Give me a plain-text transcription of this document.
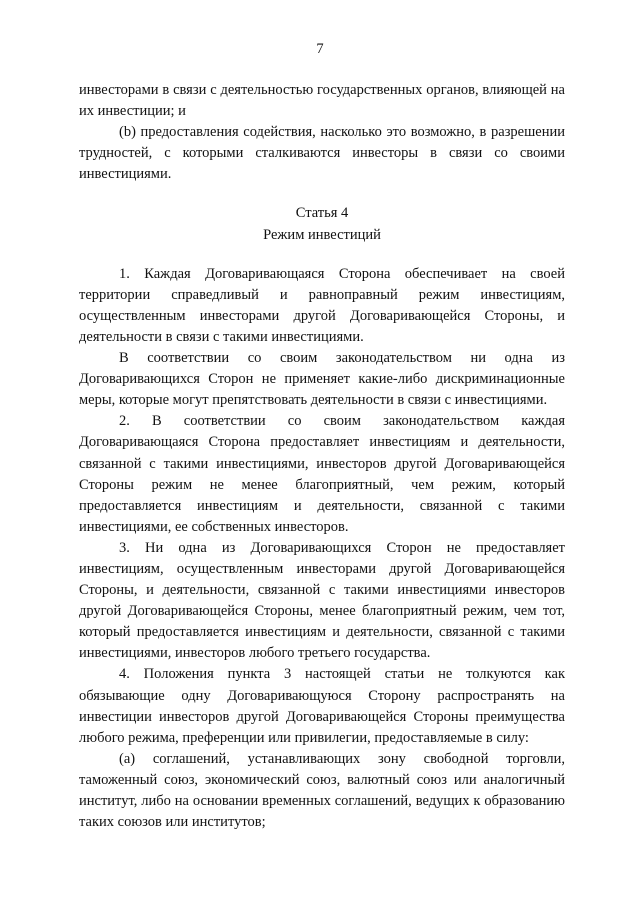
7

инвесторами в связи с деятельностью государственных органов, влияющей на их инвестиции; и

(b) предоставления содействия, насколько это возможно, в разрешении трудностей, с которыми сталкиваются инвесторы в связи со своими инвестициями.

Статья 4

Режим инвестиций

1. Каждая Договаривающаяся Сторона обеспечивает на своей территории справедливый и равноправный режим инвестициям, осуществленным инвесторами другой Договаривающейся Стороны, и деятельности в связи с такими инвестициями.

В соответствии со своим законодательством ни одна из Договаривающихся Сторон не применяет какие-либо дискриминационные меры, которые могут препятствовать деятельности в связи с инвестициями.

2. В соответствии со своим законодательством каждая Договаривающаяся Сторона предоставляет инвестициям и деятельности, связанной с такими инвестициями, инвесторов другой Договаривающейся Стороны режим не менее благоприятный, чем режим, который предоставляется инвестициям и деятельности, связанной с такими инвестициями, ее собственных инвесторов.

3. Ни одна из Договаривающихся Сторон не предоставляет инвестициям, осуществленным инвесторами другой Договаривающейся Стороны, и деятельности, связанной с такими инвестициями инвесторов другой Договаривающейся Стороны, менее благоприятный режим, чем тот, который предоставляется инвестициям и деятельности, связанной с такими инвестициями, инвесторов любого третьего государства.

4. Положения пункта 3 настоящей статьи не толкуются как обязывающие одну Договаривающуюся Сторону распространять на инвестиции инвесторов другой Договаривающейся Стороны преимущества любого режима, преференции или привилегии, предоставляемые в силу:

(a) соглашений, устанавливающих зону свободной торговли, таможенный союз, экономический союз, валютный союз или аналогичный институт, либо на основании временных соглашений, ведущих к образованию таких союзов или институтов;
